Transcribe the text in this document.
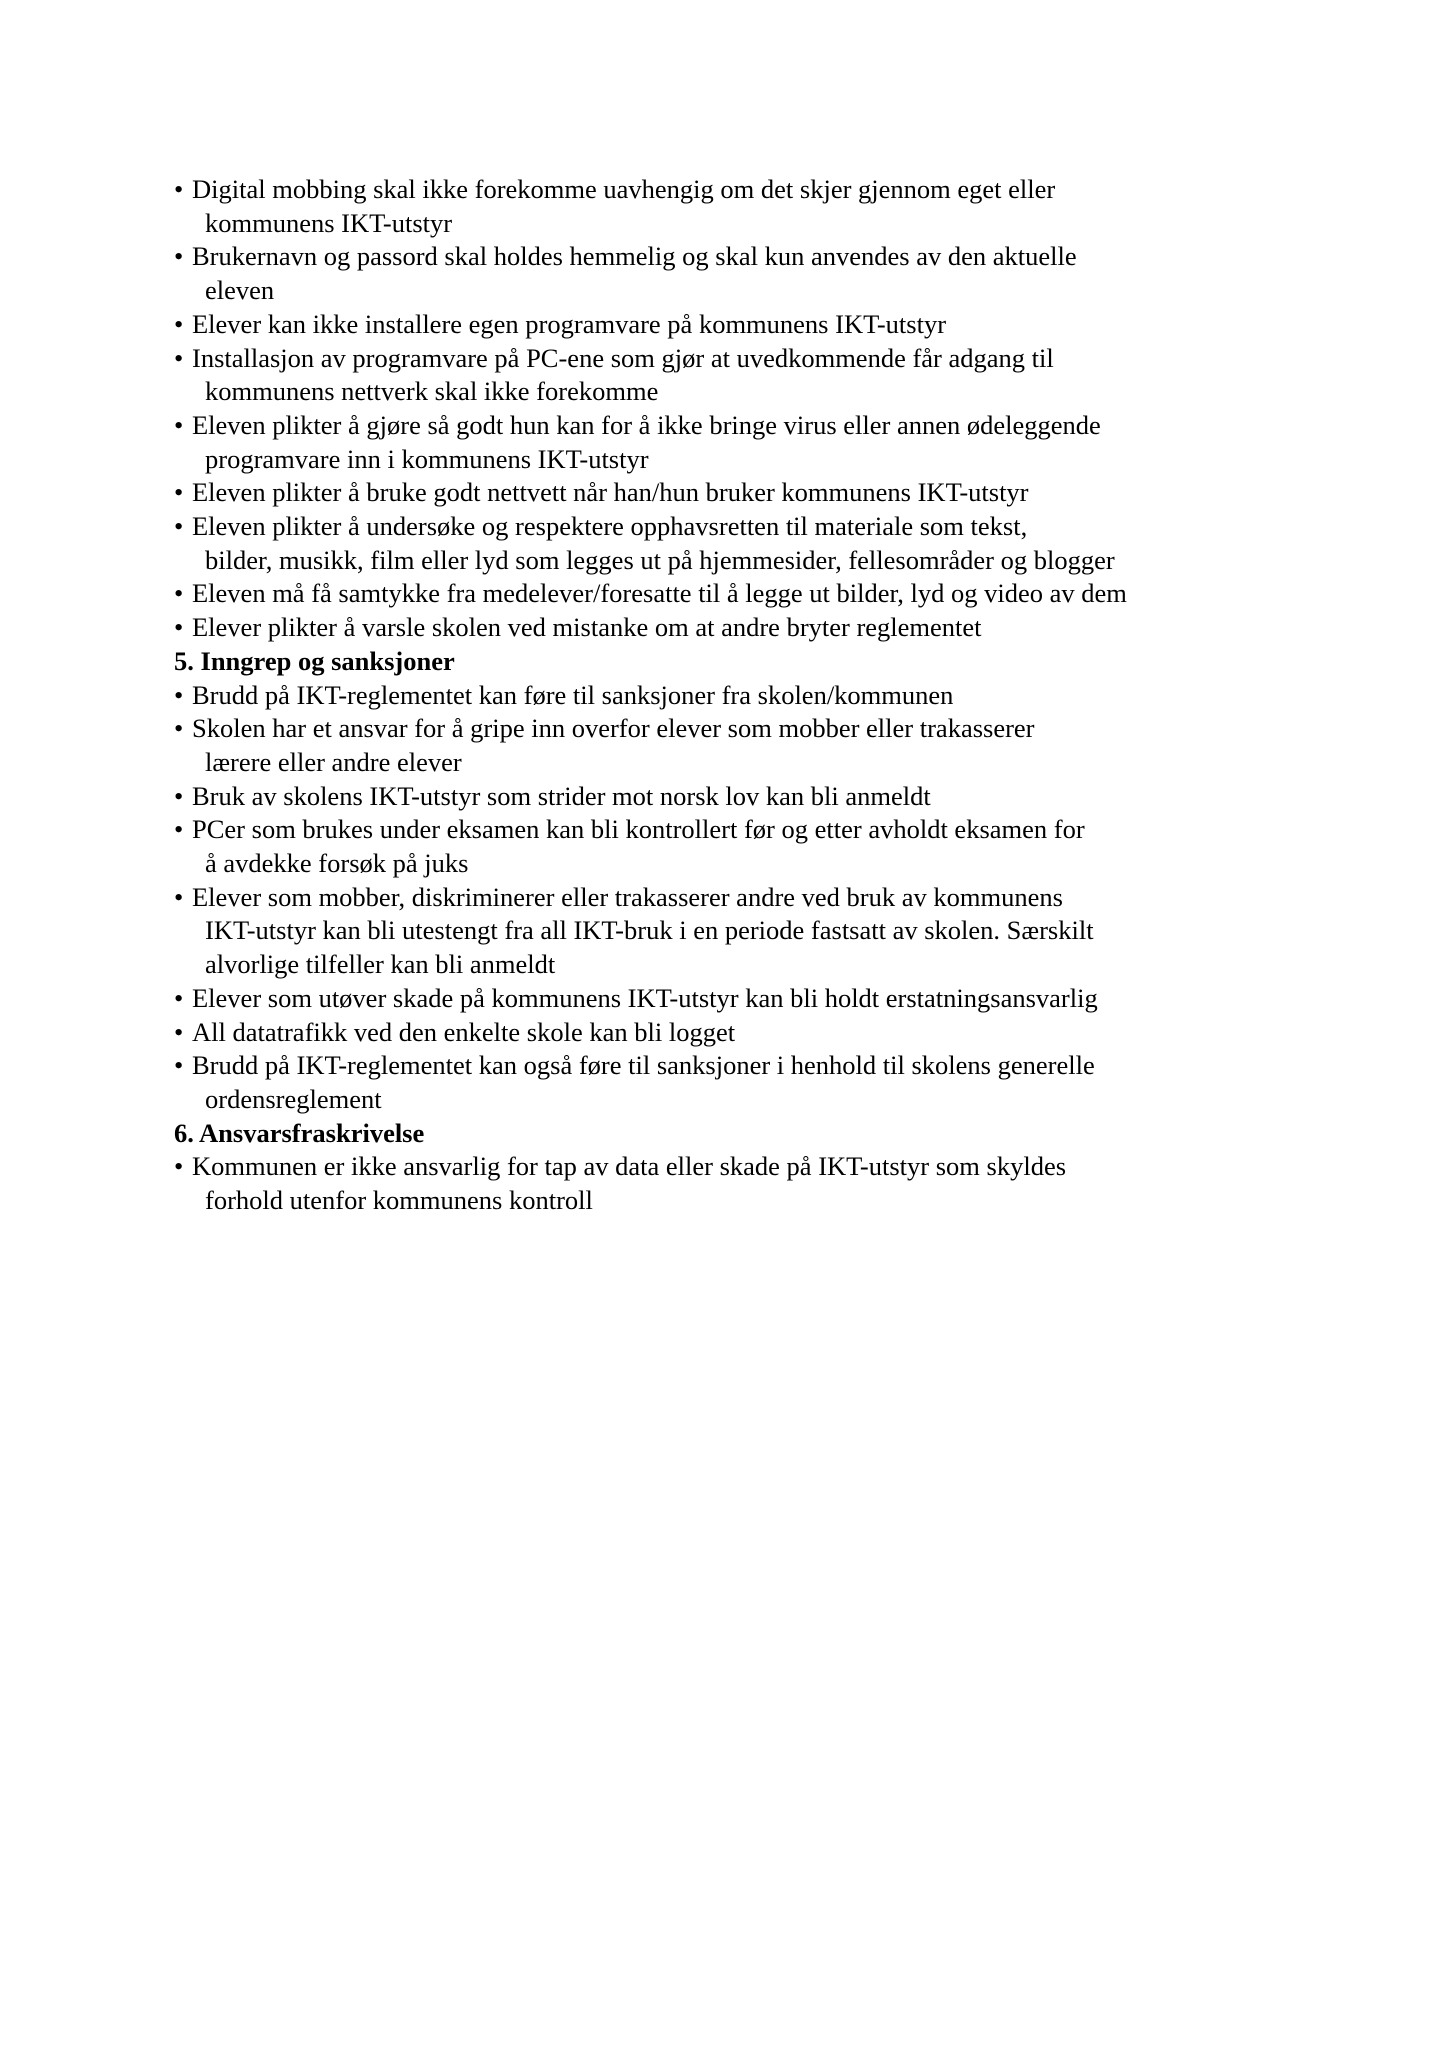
• Digital mobbing skal ikke forekomme uavhengig om det skjer gjennom eget eller
kommunens IKT-utstyr
• Brukernavn og passord skal holdes hemmelig og skal kun anvendes av den aktuelle
eleven
• Elever kan ikke installere egen programvare på kommunens IKT-utstyr
• Installasjon av programvare på PC-ene som gjør at uvedkommende får adgang til
kommunens nettverk skal ikke forekomme
• Eleven plikter å gjøre så godt hun kan for å ikke bringe virus eller annen ødeleggende
programvare inn i kommunens IKT-utstyr
• Eleven plikter å bruke godt nettvett når han/hun bruker kommunens IKT-utstyr
• Eleven plikter å undersøke og respektere opphavsretten til materiale som tekst,
bilder, musikk, film eller lyd som legges ut på hjemmesider, fellesområder og blogger
• Eleven må få samtykke fra medelever/foresatte til å legge ut bilder, lyd og video av dem
• Elever plikter å varsle skolen ved mistanke om at andre bryter reglementet
5. Inngrep og sanksjoner
• Brudd på IKT-reglementet kan føre til sanksjoner fra skolen/kommunen
• Skolen har et ansvar for å gripe inn overfor elever som mobber eller trakasserer
lærere eller andre elever
• Bruk av skolens IKT-utstyr som strider mot norsk lov kan bli anmeldt
• PCer som brukes under eksamen kan bli kontrollert før og etter avholdt eksamen for
å avdekke forsøk på juks
• Elever som mobber, diskriminerer eller trakasserer andre ved bruk av kommunens
IKT-utstyr kan bli utestengt fra all IKT-bruk i en periode fastsatt av skolen. Særskilt
alvorlige tilfeller kan bli anmeldt
• Elever som utøver skade på kommunens IKT-utstyr kan bli holdt erstatningsansvarlig
• All datatrafikk ved den enkelte skole kan bli logget
• Brudd på IKT-reglementet kan også føre til sanksjoner i henhold til skolens generelle
ordensreglement
6. Ansvarsfraskrivelse
• Kommunen er ikke ansvarlig for tap av data eller skade på IKT-utstyr som skyldes
forhold utenfor kommunens kontroll
